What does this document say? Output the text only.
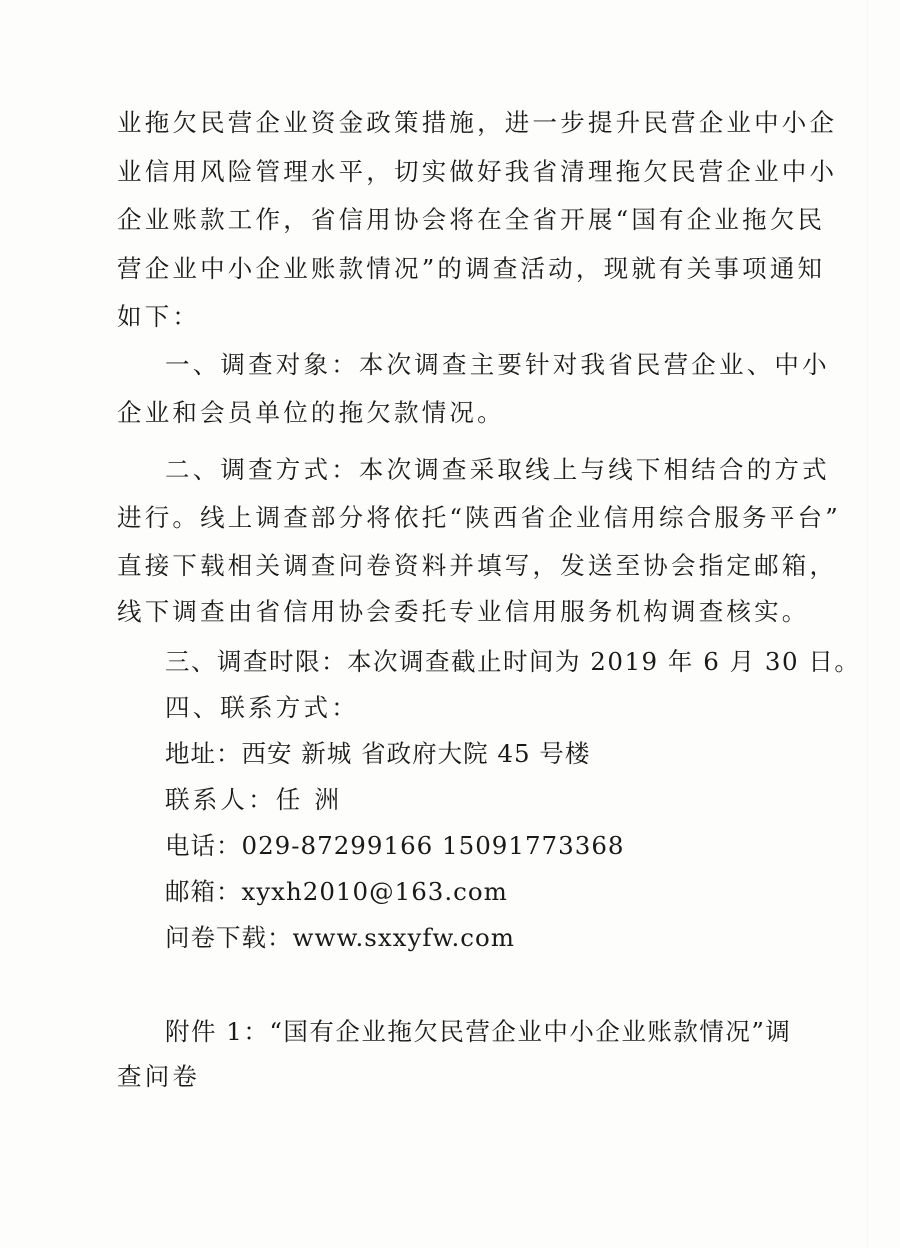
业拖欠民营企业资金政策措施，进一步提升民营企业中小企

业信用风险管理水平，切实做好我省清理拖欠民营企业中小

企业账款工作，省信用协会将在全省开展“国有企业拖欠民

营企业中小企业账款情况”的调查活动，现就有关事项通知

如下：

一、调查对象：本次调查主要针对我省民营企业、中小

企业和会员单位的拖欠款情况。

二、调查方式：本次调查采取线上与线下相结合的方式

进行。线上调查部分将依托“陕西省企业信用综合服务平台”

直接下载相关调查问卷资料并填写，发送至协会指定邮箱，

线下调查由省信用协会委托专业信用服务机构调查核实。

三、调查时限：本次调查截止时间为 2019 年 6 月 30 日。

四、联系方式：

地址：西安 新城 省政府大院 45 号楼

联系人：任 洲

电话：029-87299166 15091773368

邮箱：xyxh2010@163.com

问卷下载：www.sxxyfw.com

附件 1：“国有企业拖欠民营企业中小企业账款情况”调

查问卷
